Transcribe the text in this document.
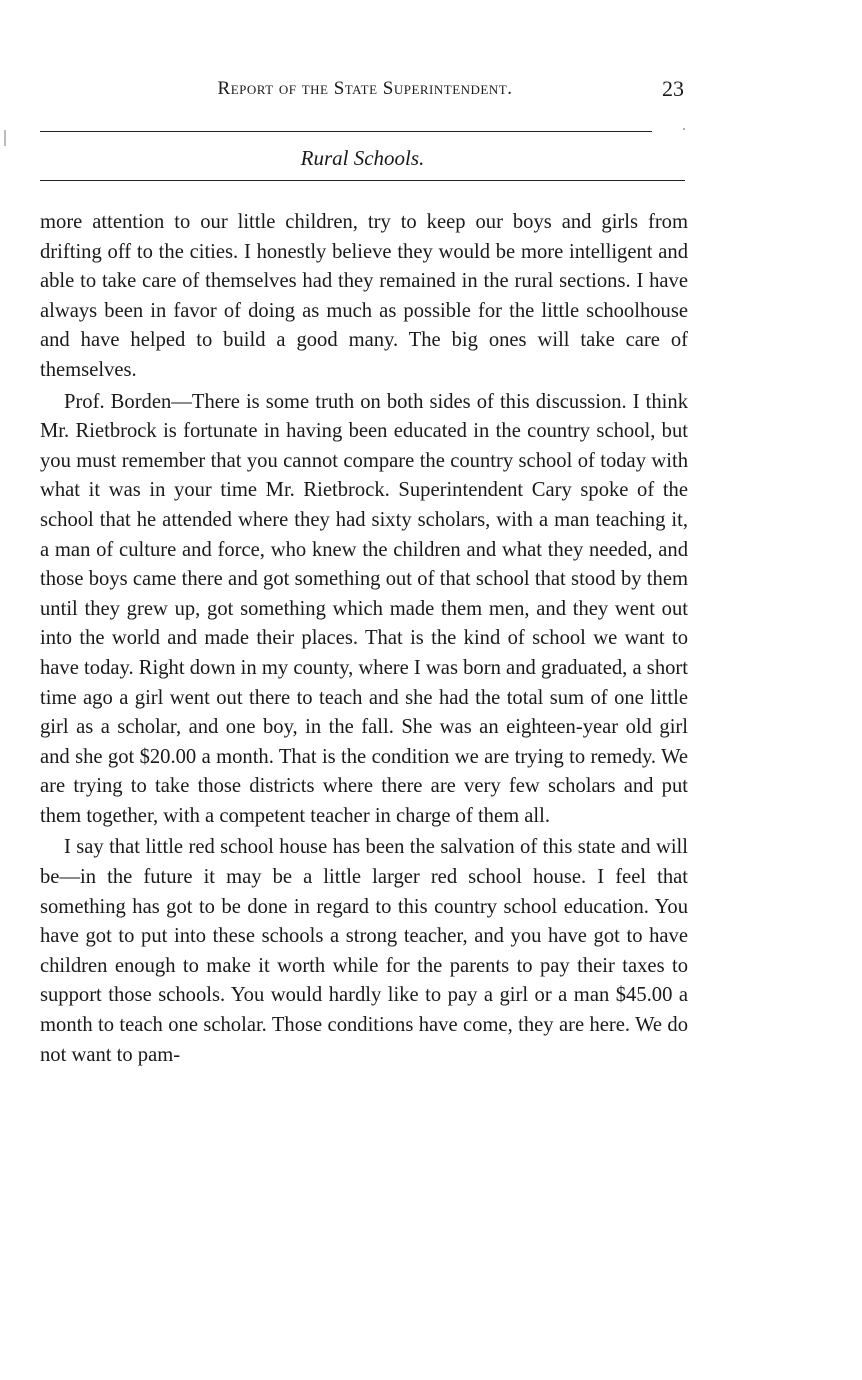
Report of the State Superintendent.	23
Rural Schools.

more attention to our little children, try to keep our boys and girls from drifting off to the cities. I honestly believe they would be more intelligent and able to take care of themselves had they remained in the rural sections. I have always been in favor of doing as much as possible for the little schoolhouse and have helped to build a good many. The big ones will take care of themselves.

Prof. Borden—There is some truth on both sides of this discussion. I think Mr. Rietbrock is fortunate in having been educated in the country school, but you must remember that you cannot compare the country school of today with what it was in your time Mr. Rietbrock. Superintendent Cary spoke of the school that he attended where they had sixty scholars, with a man teaching it, a man of culture and force, who knew the children and what they needed, and those boys came there and got something out of that school that stood by them until they grew up, got something which made them men, and they went out into the world and made their places. That is the kind of school we want to have today. Right down in my county, where I was born and graduated, a short time ago a girl went out there to teach and she had the total sum of one little girl as a scholar, and one boy, in the fall. She was an eighteen-year old girl and she got $20.00 a month. That is the condition we are trying to remedy. We are trying to take those districts where there are very few scholars and put them together, with a competent teacher in charge of them all.

I say that little red school house has been the salvation of this state and will be—in the future it may be a little larger red school house. I feel that something has got to be done in regard to this country school education. You have got to put into these schools a strong teacher, and you have got to have children enough to make it worth while for the parents to pay their taxes to support those schools. You would hardly like to pay a girl or a man $45.00 a month to teach one scholar. Those conditions have come, they are here. We do not want to pam-
